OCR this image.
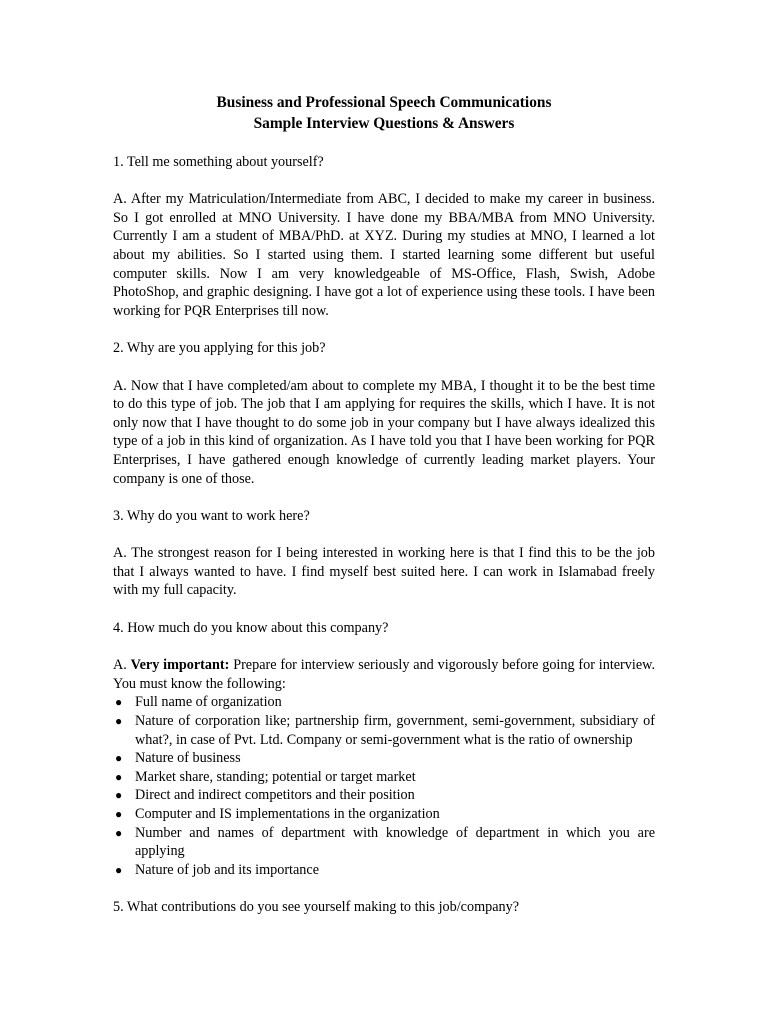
Business and Professional Speech Communications
Sample Interview Questions & Answers
1. Tell me something about yourself?
A. After my Matriculation/Intermediate from ABC, I decided to make my career in business. So I got enrolled at MNO University. I have done my BBA/MBA from MNO University. Currently I am a student of MBA/PhD. at XYZ. During my studies at MNO, I learned a lot about my abilities. So I started using them. I started learning some different but useful computer skills. Now I am very knowledgeable of MS-Office, Flash, Swish, Adobe PhotoShop, and graphic designing. I have got a lot of experience using these tools. I have been working for PQR Enterprises till now.
2. Why are you applying for this job?
A. Now that I have completed/am about to complete my MBA, I thought it to be the best time to do this type of job. The job that I am applying for requires the skills, which I have. It is not only now that I have thought to do some job in your company but I have always idealized this type of a job in this kind of organization. As I have told you that I have been working for PQR Enterprises, I have gathered enough knowledge of currently leading market players. Your company is one of those.
3. Why do you want to work here?
A. The strongest reason for I being interested in working here is that I find this to be the job that I always wanted to have. I find myself best suited here. I can work in Islamabad freely with my full capacity.
4. How much do you know about this company?
A. Very important: Prepare for interview seriously and vigorously before going for interview. You must know the following:
● Full name of organization
● Nature of corporation like; partnership firm, government, semi-government, subsidiary of what?, in case of Pvt. Ltd. Company or semi-government what is the ratio of ownership
● Nature of business
● Market share, standing; potential or target market
● Direct and indirect competitors and their position
● Computer and IS implementations in the organization
● Number and names of department with knowledge of department in which you are applying
● Nature of job and its importance
5. What contributions do you see yourself making to this job/company?
